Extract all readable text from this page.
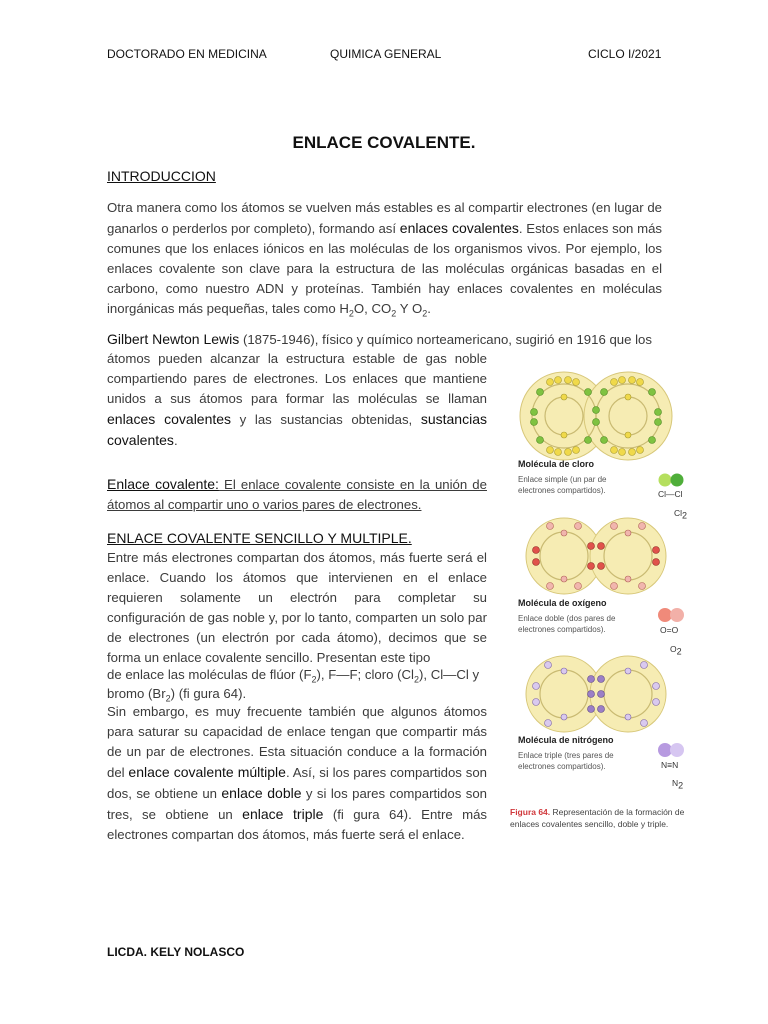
DOCTORADO EN MEDICINA	QUIMICA GENERAL	CICLO I/2021
ENLACE COVALENTE.
INTRODUCCION
Otra manera como los átomos se vuelven más estables es al compartir electrones (en lugar de ganarlos o perderlos por completo), formando así enlaces covalentes. Estos enlaces son más comunes que los enlaces iónicos en las moléculas de los organismos vivos. Por ejemplo, los enlaces covalente son clave para la estructura de las moléculas orgánicas basadas en el carbono, como nuestro ADN y proteínas. También hay enlaces covalentes en moléculas inorgánicas más pequeñas, tales como $H_2O$, $CO_2$ Y $O_2$.
Gilbert Newton Lewis (1875-1946), físico y químico norteamericano, sugirió en 1916 que los
átomos pueden alcanzar la estructura estable de gas noble compartiendo pares de electrones. Los enlaces que mantiene unidos a sus átomos para formar las moléculas se llaman enlaces covalentes y las sustancias obtenidas, sustancias covalentes.
Enlace covalente: El enlace covalente consiste en la unión de átomos al compartir uno o varios pares de electrones.
ENLACE COVALENTE SENCILLO Y MULTIPLE.
Entre más electrones compartan dos átomos, más fuerte será el enlace. Cuando los átomos que intervienen en el enlace requieren solamente un electrón para completar su configuración de gas noble y, por lo tanto, comparten un solo par de electrones (un electrón por cada átomo), decimos que se forma un enlace covalente sencillo. Presentan este tipo
de enlace las moléculas de flúor $(F_2)$, F—F; cloro $(Cl_2)$, Cl—Cl y
bromo $(Br_2)$ (fi gura 64).
Sin embargo, es muy frecuente también que algunos átomos para saturar su capacidad de enlace tengan que compartir más de un par de electrones. Esta situación conduce a la formación del enlace covalente múltiple. Así, si los pares compartidos son dos, se obtiene un enlace doble y si los pares compartidos son tres, se obtiene un enlace triple (fi gura 64). Entre más electrones compartan dos átomos, más fuerte será el enlace.
Molécula de cloro
Enlace simple (un par de electrones compartidos).	Cl—Cl
$Cl_2$
Molécula de oxígeno
Enlace doble (dos pares de electrones compartidos).	O=O
$O_2$
Molécula de nitrógeno
Enlace triple (tres pares de electrones compartidos).	N≡N
$N_2$
Figura 64. Representación de la formación de enlaces covalentes sencillo, doble y triple.
LICDA. KELY NOLASCO
